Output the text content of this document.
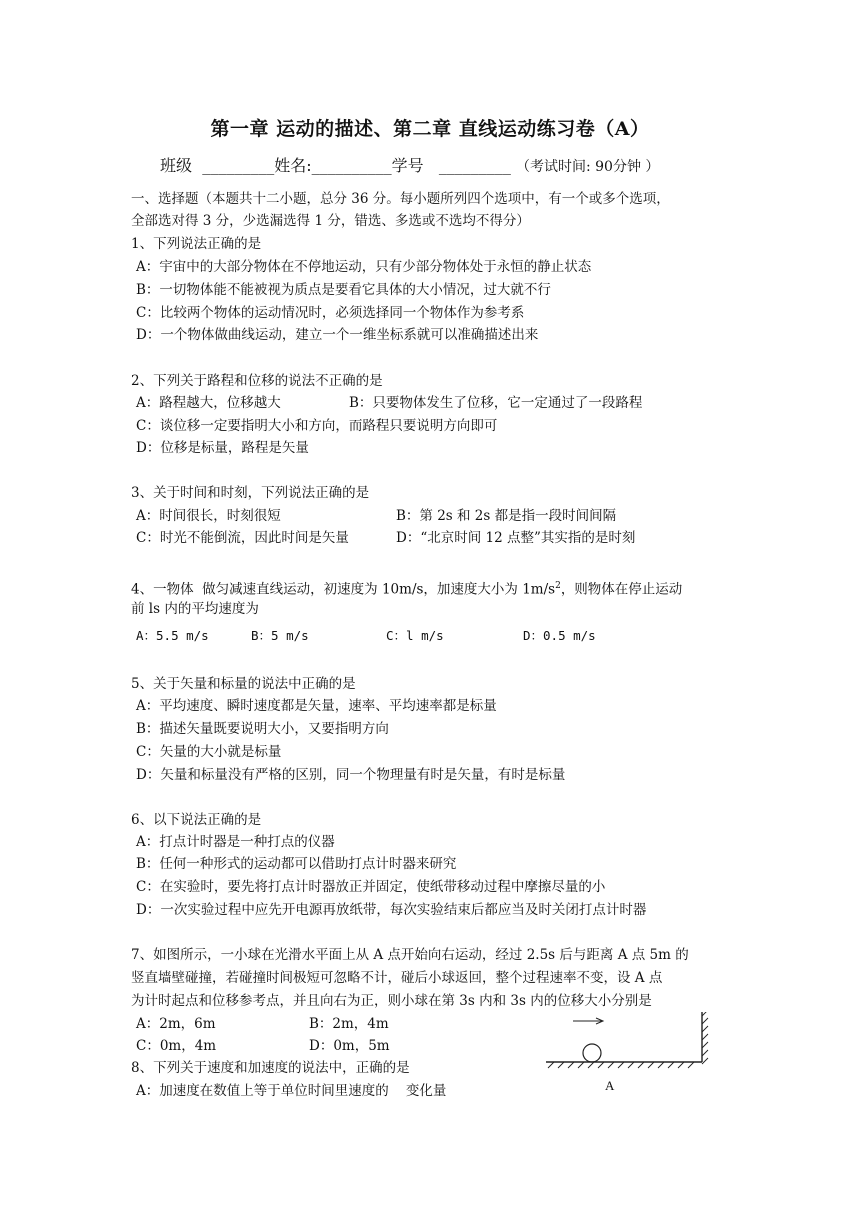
第一章 运动的描述、第二章 直线运动练习卷（A）
班级 _________姓名:__________学号 _________ （考试时间: 90分钟 ）
一、选择题（本题共十二小题，总分 36 分。每小题所列四个选项中，有一个或多个选项，
全部选对得 3 分，少选漏选得 1 分，错选、多选或不选均不得分）
1、下列说法正确的是
A：宇宙中的大部分物体在不停地运动，只有少部分物体处于永恒的静止状态
B：一切物体能不能被视为质点是要看它具体的大小情况，过大就不行
C：比较两个物体的运动情况时，必须选择同一个物体作为参考系
D：一个物体做曲线运动，建立一个一维坐标系就可以准确描述出来
2、下列关于路程和位移的说法不正确的是
A：路程越大，位移越大	B：只要物体发生了位移，它一定通过了一段路程
C：谈位移一定要指明大小和方向，而路程只要说明方向即可
D：位移是标量，路程是矢量
3、关于时间和时刻，下列说法正确的是
A：时间很长，时刻很短	B：第 2s 和 2s 都是指一段时间间隔
C：时光不能倒流，因此时间是矢量	D：“北京时间 12 点整”其实指的是时刻
4、一物体  做匀减速直线运动，初速度为 10m/s，加速度大小为 $1m/s^2$，则物体在停止运动
前 ls 内的平均速度为
A：5.5 m/s	B：5 m/s	C：l m/s	D：0.5 m/s
5、关于矢量和标量的说法中正确的是
A：平均速度、瞬时速度都是矢量，速率、平均速率都是标量
B：描述矢量既要说明大小，又要指明方向
C：矢量的大小就是标量
D：矢量和标量没有严格的区别，同一个物理量有时是矢量，有时是标量
6、以下说法正确的是
A：打点计时器是一种打点的仪器
B：任何一种形式的运动都可以借助打点计时器来研究
C：在实验时，要先将打点计时器放正并固定，使纸带移动过程中摩擦尽量的小
D：一次实验过程中应先开电源再放纸带，每次实验结束后都应当及时关闭打点计时器
7、如图所示，一小球在光滑水平面上从 A 点开始向右运动，经过 2.5s 后与距离 A 点 5m 的
竖直墙壁碰撞，若碰撞时间极短可忽略不计，碰后小球返回，整个过程速率不变，设 A 点
为计时起点和位移参考点，并且向右为正，则小球在第 3s 内和 3s 内的位移大小分别是
A：2m，6m	B：2m，4m
C：0m，4m	D：0m，5m
A
8、下列关于速度和加速度的说法中，正确的是
A：加速度在数值上等于单位时间里速度的    变化量
